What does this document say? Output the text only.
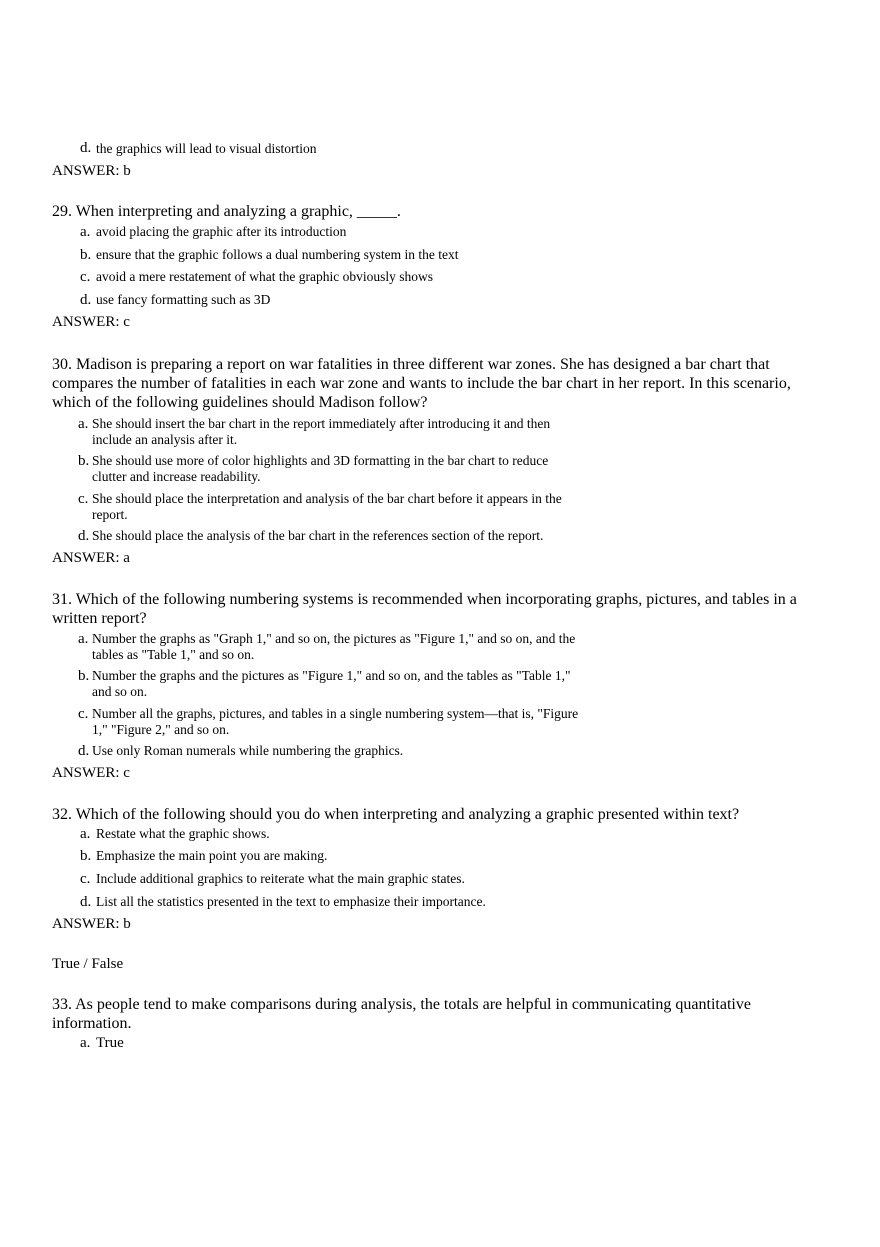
d. the graphics will lead to visual distortion
ANSWER: b
29. When interpreting and analyzing a graphic, _____.
a. avoid placing the graphic after its introduction
b. ensure that the graphic follows a dual numbering system in the text
c. avoid a mere restatement of what the graphic obviously shows
d. use fancy formatting such as 3D
ANSWER: c
30. Madison is preparing a report on war fatalities in three different war zones. She has designed a bar chart that compares the number of fatalities in each war zone and wants to include the bar chart in her report. In this scenario, which of the following guidelines should Madison follow?
a. She should insert the bar chart in the report immediately after introducing it and then include an analysis after it.
b. She should use more of color highlights and 3D formatting in the bar chart to reduce clutter and increase readability.
c. She should place the interpretation and analysis of the bar chart before it appears in the report.
d. She should place the analysis of the bar chart in the references section of the report.
ANSWER: a
31. Which of the following numbering systems is recommended when incorporating graphs, pictures, and tables in a written report?
a. Number the graphs as "Graph 1," and so on, the pictures as "Figure 1," and so on, and the tables as "Table 1," and so on.
b. Number the graphs and the pictures as "Figure 1," and so on, and the tables as "Table 1," and so on.
c. Number all the graphs, pictures, and tables in a single numbering system—that is, "Figure 1," "Figure 2," and so on.
d. Use only Roman numerals while numbering the graphics.
ANSWER: c
32. Which of the following should you do when interpreting and analyzing a graphic presented within text?
a. Restate what the graphic shows.
b. Emphasize the main point you are making.
c. Include additional graphics to reiterate what the main graphic states.
d. List all the statistics presented in the text to emphasize their importance.
ANSWER: b
True / False
33. As people tend to make comparisons during analysis, the totals are helpful in communicating quantitative information.
a. True
